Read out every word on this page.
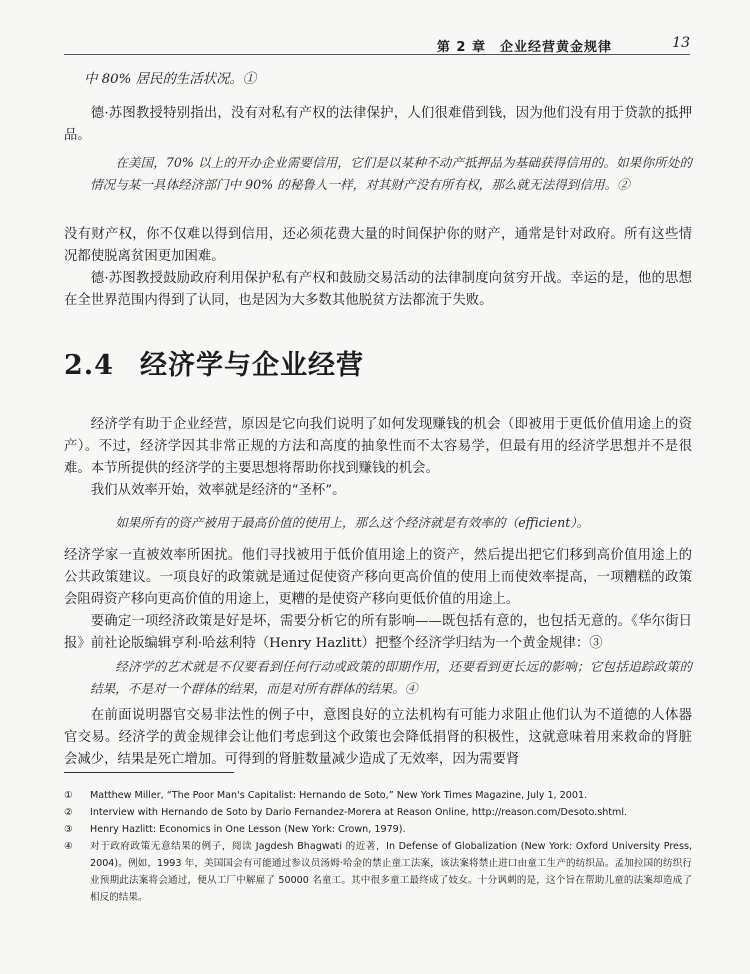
第 2 章　企业经营黄金规律	13

中 80% 居民的生活状况。①

德·苏图教授特别指出，没有对私有产权的法律保护，人们很难借到钱，因为他们没有用于贷款的抵押品。

在美国，70% 以上的开办企业需要信用，它们是以某种不动产抵押品为基础获得信用的。如果你所处的情况与某一具体经济部门中 90% 的秘鲁人一样，对其财产没有所有权，那么就无法得到信用。②

没有财产权，你不仅难以得到信用，还必须花费大量的时间保护你的财产，通常是针对政府。所有这些情况都使脱离贫困更加困难。

德·苏图教授鼓励政府利用保护私有产权和鼓励交易活动的法律制度向贫穷开战。幸运的是，他的思想在全世界范围内得到了认同，也是因为大多数其他脱贫方法都流于失败。

2.4 经济学与企业经营

经济学有助于企业经营，原因是它向我们说明了如何发现赚钱的机会（即被用于更低价值用途上的资产）。不过，经济学因其非常正规的方法和高度的抽象性而不太容易学，但最有用的经济学思想并不是很难。本节所提供的经济学的主要思想将帮助你找到赚钱的机会。

我们从效率开始，效率就是经济的“圣杯”。

如果所有的资产被用于最高价值的使用上，那么这个经济就是有效率的（efficient）。

经济学家一直被效率所困扰。他们寻找被用于低价值用途上的资产，然后提出把它们移到高价值用途上的公共政策建议。一项良好的政策就是通过促使资产移向更高价值的使用上而使效率提高，一项糟糕的政策会阻碍资产移向更高价值的用途上，更糟的是使资产移向更低价值的用途上。

要确定一项经济政策是好是坏，需要分析它的所有影响——既包括有意的，也包括无意的。《华尔街日报》前社论版编辑亨利·哈兹利特（Henry Hazlitt）把整个经济学归结为一个黄金规律：③

经济学的艺术就是不仅要看到任何行动或政策的即期作用，还要看到更长远的影响；它包括追踪政策的结果，不是对一个群体的结果，而是对所有群体的结果。④

在前面说明器官交易非法性的例子中，意图良好的立法机构有可能力求阻止他们认为不道德的人体器官交易。经济学的黄金规律会让他们考虑到这个政策也会降低捐肾的积极性，这就意味着用来救命的肾脏会减少，结果是死亡增加。可得到的肾脏数量减少造成了无效率，因为需要肾

①	Matthew Miller, “The Poor Man's Capitalist: Hernando de Soto,” New York Times Magazine, July 1, 2001.
②	Interview with Hernando de Soto by Dario Fernandez-Morera at Reason Online, http://reason.com/Desoto.shtml.
③	Henry Hazlitt: Economics in One Lesson (New York: Crown, 1979).
④	对于政府政策无意结果的例子，阅读 Jagdesh Bhagwati 的近著，In Defense of Globalization (New York: Oxford University Press, 2004)。例如，1993 年，美国国会有可能通过参议员汤姆·哈金的禁止童工法案，该法案将禁止进口由童工生产的纺织品。孟加拉国的纺织行业预期此法案将会通过，便从工厂中解雇了 50000 名童工。其中很多童工最终成了妓女。十分讽刺的是，这个旨在帮助儿童的法案却造成了相反的结果。
